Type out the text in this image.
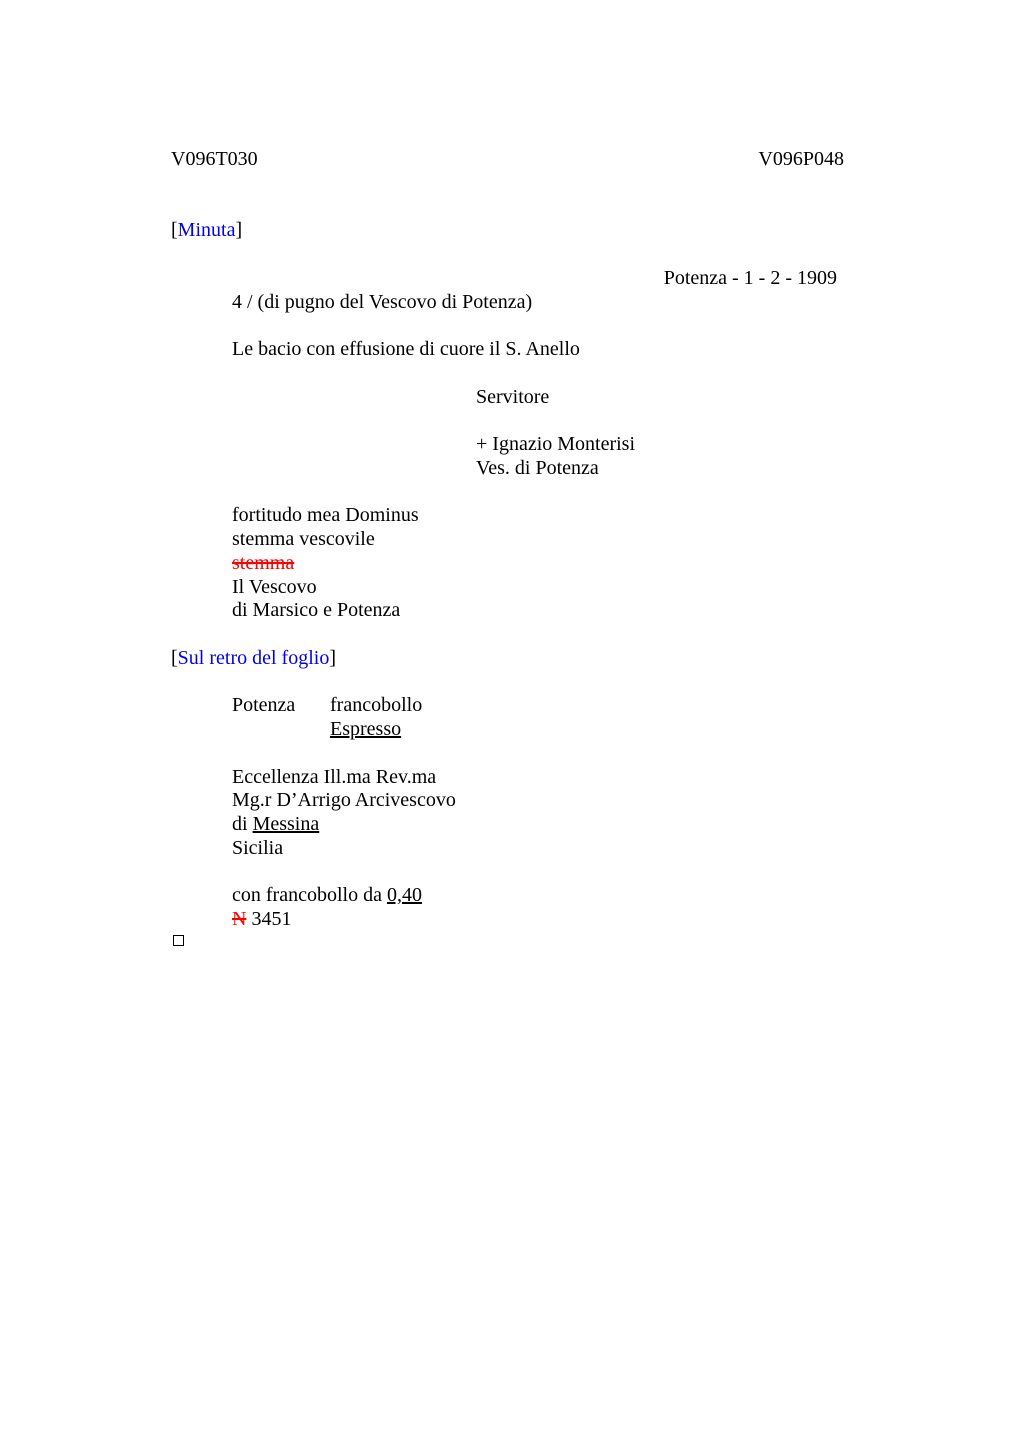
V096T030	V096P048

[Minuta]

Potenza - 1 - 2 - 1909

4 / (di pugno del Vescovo di Potenza)

Le bacio con effusione di cuore il S. Anello

Servitore

+ Ignazio Monterisi

Ves. di Potenza

fortitudo mea Dominus

stemma vescovile

stemma

Il Vescovo

di Marsico e Potenza

[Sul retro del foglio]

Potenza francobollo

Espresso

Eccellenza Ill.ma Rev.ma

Mg.r D’Arrigo Arcivescovo

di Messina

Sicilia

con francobollo da 0,40

N 3451
